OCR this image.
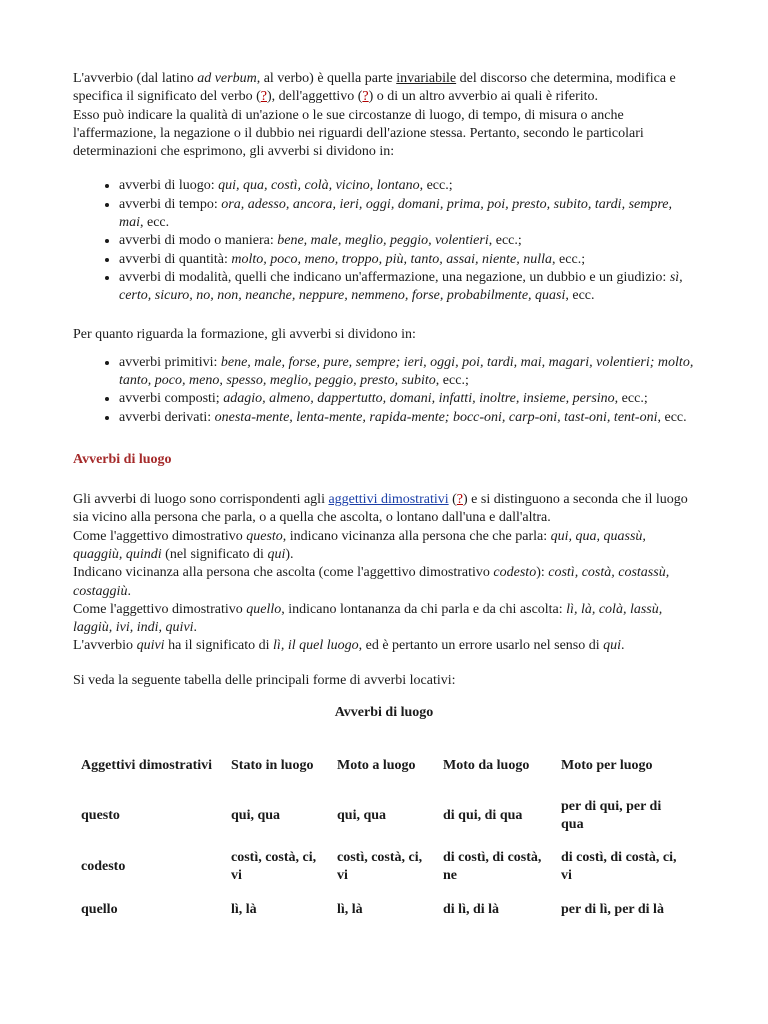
L'avverbio (dal latino ad verbum, al verbo) è quella parte invariabile del discorso che determina, modifica e specifica il significato del verbo (?), dell'aggettivo (?) o di un altro avverbio ai quali è riferito.

Esso può indicare la qualità di un'azione o le sue circostanze di luogo, di tempo, di misura o anche l'affermazione, la negazione o il dubbio nei riguardi dell'azione stessa. Pertanto, secondo le particolari determinazioni che esprimono, gli avverbi si dividono in:

• avverbi di luogo: qui, qua, costì, colà, vicino, lontano, ecc.;
• avverbi di tempo: ora, adesso, ancora, ieri, oggi, domani, prima, poi, presto, subito, tardi, sempre, mai, ecc.
• avverbi di modo o maniera: bene, male, meglio, peggio, volentieri, ecc.;
• avverbi di quantità: molto, poco, meno, troppo, più, tanto, assai, niente, nulla, ecc.;
• avverbi di modalità, quelli che indicano un'affermazione, una negazione, un dubbio e un giudizio: sì, certo, sicuro, no, non, neanche, neppure, nemmeno, forse, probabilmente, quasi, ecc.

Per quanto riguarda la formazione, gli avverbi si dividono in:

• avverbi primitivi: bene, male, forse, pure, sempre; ieri, oggi, poi, tardi, mai, magari, volentieri; molto, tanto, poco, meno, spesso, meglio, peggio, presto, subito, ecc.;
• avverbi composti; adagio, almeno, dappertutto, domani, infatti, inoltre, insieme, persino, ecc.;
• avverbi derivati: onesta-mente, lenta-mente, rapida-mente; bocc-oni, carp-oni, tast-oni, tent-oni, ecc.
Avverbi di luogo

Gli avverbi di luogo sono corrispondenti agli aggettivi dimostrativi (?) e si distinguono a seconda che il luogo sia vicino alla persona che parla, o a quella che ascolta, o lontano dall'una e dall'altra.

Come l'aggettivo dimostrativo questo, indicano vicinanza alla persona che che parla: qui, qua, quassù, quaggiù, quindi (nel significato di qui).

Indicano vicinanza alla persona che ascolta (come l'aggettivo dimostrativo codesto): costì, costà, costassù, costaggiù.

Come l'aggettivo dimostrativo quello, indicano lontananza da chi parla e da chi ascolta: lì, là, colà, lassù, laggiù, ivi, indi, quivi.

L'avverbio quivi ha il significato di lì, il quel luogo, ed è pertanto un errore usarlo nel senso di qui.

Si veda la seguente tabella delle principali forme di avverbi locativi:

Avverbi di luogo
Aggettivi dimostrativi	Stato in luogo	Moto a luogo	Moto da luogo	Moto per luogo
questo	qui, qua	qui, qua	di qui, di qua	per di qui, per di qua
codesto	costì, costà, ci, vi	costì, costà, ci, vi	di costì, di costà, ne	di costì, di costà, ci, vi
quello	lì, là	lì, là	di lì, di là	per di lì, per di là
